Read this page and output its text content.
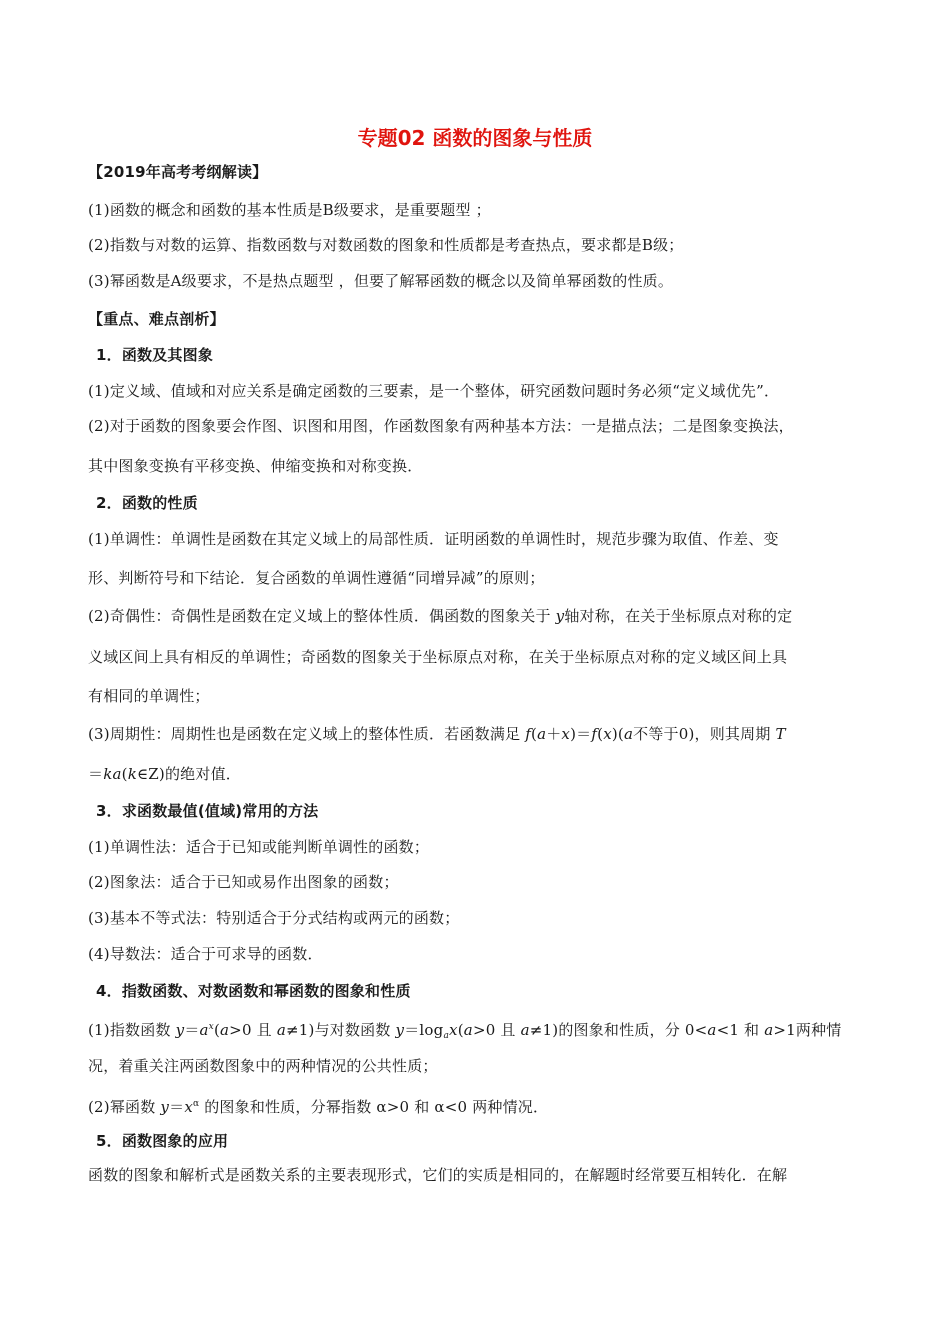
专题02 函数的图象与性质
【2019年高考考纲解读】
(1)函数的概念和函数的基本性质是B级要求，是重要题型 ；
(2)指数与对数的运算、指数函数与对数函数的图象和性质都是考查热点，要求都是B级；
(3)幂函数是A级要求，不是热点题型 ，但要了解幂函数的概念以及简单幂函数的性质。
【重点、难点剖析】
1．函数及其图象
(1)定义域、值域和对应关系是确定函数的三要素，是一个整体，研究函数问题时务必须“定义域优先”．
(2)对于函数的图象要会作图、识图和用图，作函数图象有两种基本方法：一是描点法；二是图象变换法，
其中图象变换有平移变换、伸缩变换和对称变换．
2．函数的性质
(1)单调性：单调性是函数在其定义域上的局部性质．证明函数的单调性时，规范步骤为取值、作差、变
形、判断符号和下结论．复合函数的单调性遵循“同增异减”的原则；
(2)奇偶性：奇偶性是函数在定义域上的整体性质．偶函数的图象关于 y轴对称，在关于坐标原点对称的定
义域区间上具有相反的单调性；奇函数的图象关于坐标原点对称，在关于坐标原点对称的定义域区间上具
有相同的单调性；
(3)周期性：周期性也是函数在定义域上的整体性质．若函数满足 f(a＋x)＝f(x)(a不等于0)，则其周期 T
＝ka(k∈Z)的绝对值．
3．求函数最值(值域)常用的方法
(1)单调性法：适合于已知或能判断单调性的函数；
(2)图象法：适合于已知或易作出图象的函数；
(3)基本不等式法：特别适合于分式结构或两元的函数；
(4)导数法：适合于可求导的函数．
4．指数函数、对数函数和幂函数的图象和性质
(1)指数函数 $y=a^x(a>0$ 且 a≠1)与对数函数 $y=\log_ax(a>0$ 且 a≠1)的图象和性质，分 0<a<1 和 a>1两种情
况，着重关注两函数图象中的两种情况的公共性质；
(2)幂函数 $y=x^\alpha$ 的图象和性质，分幂指数 α>0 和 α<0 两种情况．
5．函数图象的应用
函数的图象和解析式是函数关系的主要表现形式，它们的实质是相同的，在解题时经常要互相转化．在解
